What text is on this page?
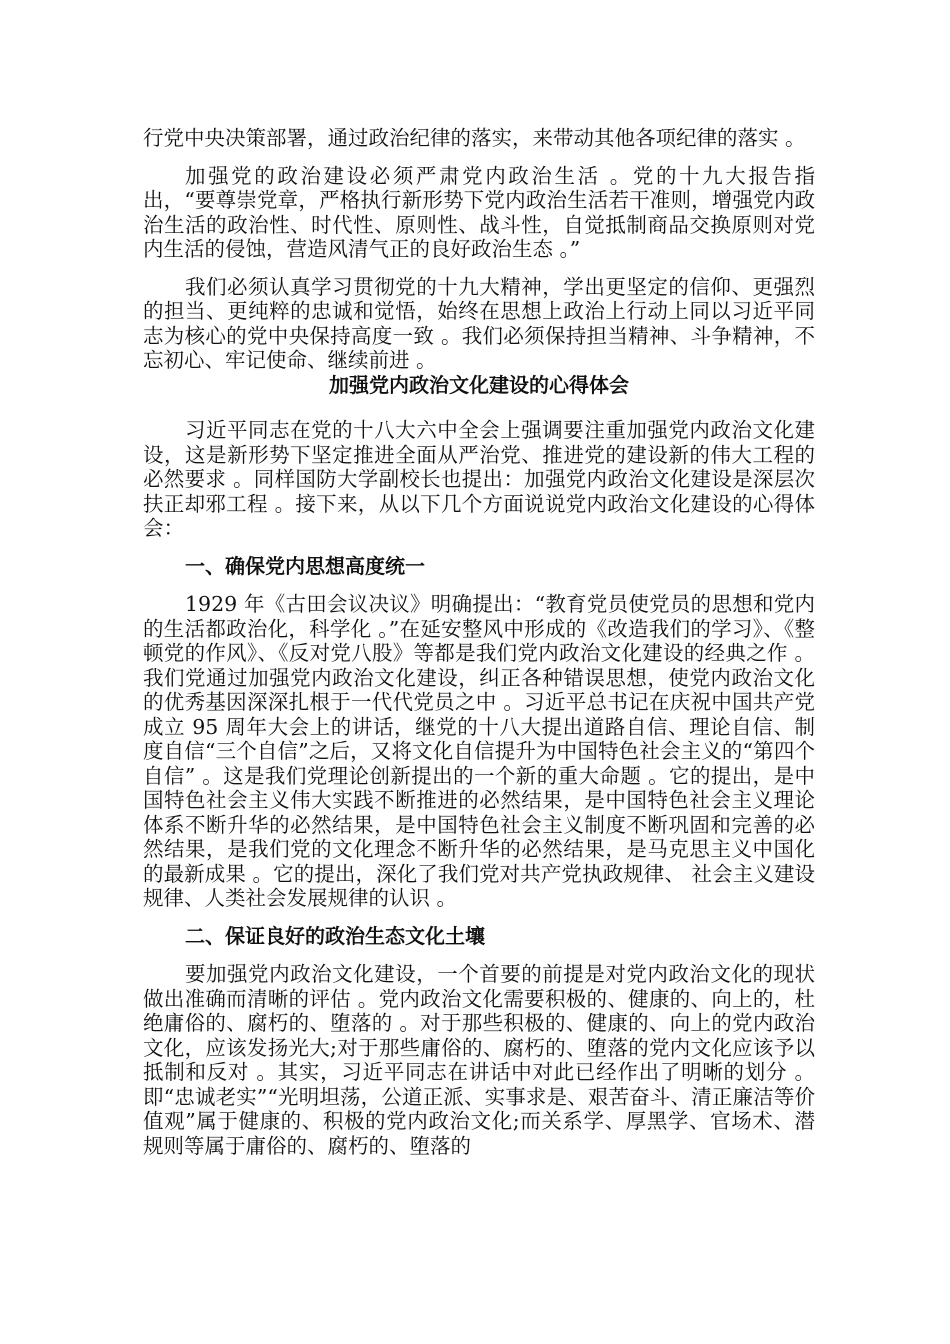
行党中央决策部署，通过政治纪律的落实，来带动其他各项纪律的落实 。

加强党的政治建设必须严肃党内政治生活 。党的十九大报告指出，“要尊崇党章，严格执行新形势下党内政治生活若干准则，增强党内政治生活的政治性、时代性、原则性、战斗性，自觉抵制商品交换原则对党内生活的侵蚀，营造风清气正的良好政治生态 。”

我们必须认真学习贯彻党的十九大精神，学出更坚定的信仰、更强烈的担当、更纯粹的忠诚和觉悟，始终在思想上政治上行动上同以习近平同志为核心的党中央保持高度一致 。我们必须保持担当精神、斗争精神，不忘初心、牢记使命、继续前进 。

加强党内政治文化建设的心得体会

习近平同志在党的十八大六中全会上强调要注重加强党内政治文化建设，这是新形势下坚定推进全面从严治党、推进党的建设新的伟大工程的必然要求 。同样国防大学副校长也提出：加强党内政治文化建设是深层次扶正却邪工程 。接下来，从以下几个方面说说党内政治文化建设的心得体会：

一、确保党内思想高度统一

1929 年《古田会议决议》明确提出：“教育党员使党员的思想和党内的生活都政治化，科学化 。”在延安整风中形成的《改造我们的学习》、《整顿党的作风》、《反对党八股》等都是我们党内政治文化建设的经典之作 。我们党通过加强党内政治文化建设，纠正各种错误思想，使党内政治文化的优秀基因深深扎根于一代代党员之中 。习近平总书记在庆祝中国共产党成立 95 周年大会上的讲话，继党的十八大提出道路自信、理论自信、制度自信“三个自信”之后，又将文化自信提升为中国特色社会主义的“第四个自信” 。这是我们党理论创新提出的一个新的重大命题 。它的提出，是中国特色社会主义伟大实践不断推进的必然结果，是中国特色社会主义理论体系不断升华的必然结果，是中国特色社会主义制度不断巩固和完善的必然结果，是我们党的文化理念不断升华的必然结果，是马克思主义中国化的最新成果 。它的提出，深化了我们党对共产党执政规律、 社会主义建设规律、人类社会发展规律的认识 。

二、保证良好的政治生态文化土壤

要加强党内政治文化建设，一个首要的前提是对党内政治文化的现状做出准确而清晰的评估 。党内政治文化需要积极的、健康的、向上的，杜绝庸俗的、腐朽的、堕落的 。对于那些积极的、健康的、向上的党内政治文化，应该发扬光大;对于那些庸俗的、腐朽的、堕落的党内文化应该予以抵制和反对 。其实，习近平同志在讲话中对此已经作出了明晰的划分 。即“忠诚老实”“光明坦荡，公道正派、实事求是、艰苦奋斗、清正廉洁等价值观”属于健康的、积极的党内政治文化;而关系学、厚黑学、官场术、潜规则等属于庸俗的、腐朽的、堕落的
